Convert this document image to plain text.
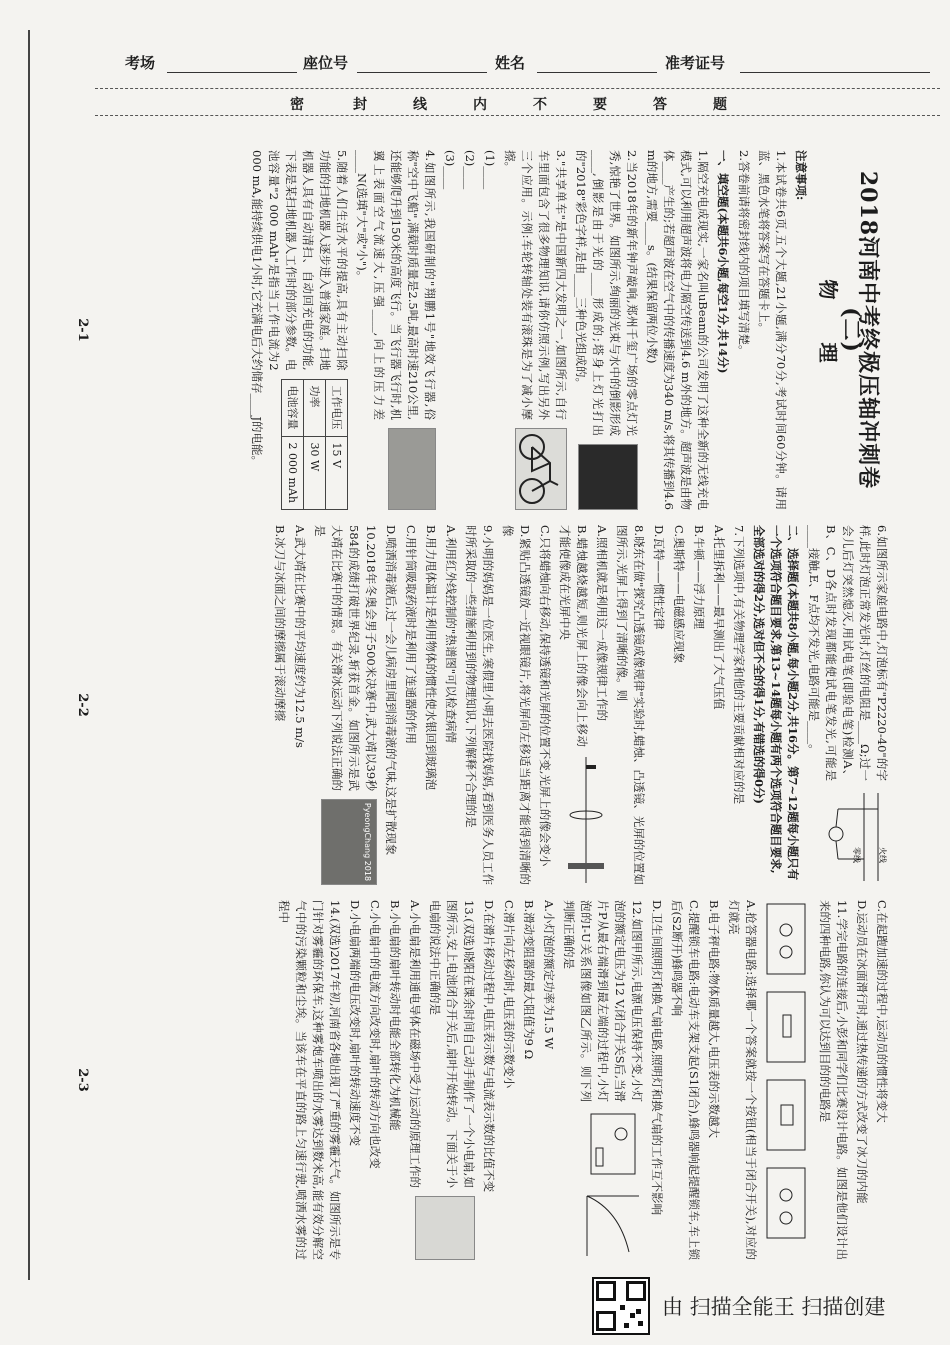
考场	座位号	姓名	准考证号
密	封	线	内	不	要	答	题
2018河南中考终极压轴冲刺卷(二)
物 理
注意事项:
1.本试卷共6页,五个大题,21小题,满分70分,考试时间60分钟。请用蓝、黑色水笔将答案写在答题卡上。
2.答卷前请将密封线内的项目填写清楚。
一、填空题(本题共6小题,每空1分,共14分)
1.隔空充电成现实,一家名叫uBeam的公司发明了这种全新的无线充电模式,可以利用超声波将电力隔空传送到4.6 m外的地方。超声波是由物体____产生的;若超声波在空气中的传播速度为340 m/s,将其传播到4.6 m的地方,需要____s。(结果保留两位小数)
2.当2018年的新年钟声敲响,郑州千玺广场的零点灯光秀,惊艳了世界。如图所示,绚丽的光束与水中的倒影形成____,倒影是由于光的____形成的;塔身上灯光打出的"2018"彩色字样,是由____三种色光组成的。
3."共享单车"是中国新四大发明之一,如图所示,自行车里面包含了很多物理知识,请你仿照示例,写出另外三个应用。示例:车轮转轴处装有滚珠是为了减小摩擦。
(1)____
(2)____
(3)____
4.如图所示,我国研制的"翔鹏1号"地效飞行器,俗称"空中飞船",满载时质量是2.5吨,最高时速210公里,还能够爬升到150米的高度飞行。当飞行器飞行时,机翼上表面空气流速大,压强____,向上的压力差____N(选填"大"或"小")。
工作电压	15 V
功率	30 W
电池容量	2 000 mAh
5.随着人们生活水平的提高,具有主动扫除功能的扫地机器人逐步进入普通家庭。扫地机器人具有自动清扫、自动回充电的功能,下表是某扫地机器人工作时的部分参数。电池容量"2 000 mAh"是指当工作电流为2 000 mA,能持续供电1小时,它充满电后大约储存____J的电能。
2-1
火线
零线
6.如图所示家庭电路中,灯泡标有"P2220-40"的字样,此时灯泡正常发光时,灯丝的电阻是____Ω;过一会儿后灯突然熄灭,用试电笔(即验电笔)检测A、B、C、D各点时发现都能使试电笔发光,可能是____接触,E、F点均不发光,电路可能是____。
二、选择题(本题共8小题,每小题2分,共16分。第7~12题每小题只有一个选项符合题目要求,第13~14题每小题有两个选项符合题目要求,全部选对的得2分,选对但不全的得1分,有错选的得0分)
7.下列选项中,有关物理学家和他的主要贡献相对应的是
A.托里拆利——最早测出了大气压值
B.牛顿——浮力原理
C.奥斯特——电磁感应现象
D.瓦特——惯性定律
8.晓东在做"探究凸透镜成像规律"实验时,蜡烛、凸透镜、光屏的位置如图所示,光屏上得到了清晰的像。则
A.照相机就是利用这一成像规律工作的
B.蜡烛越烧越短,则光屏上的像会向上移动才能使像成在光屏中央
C.只将蜡烛向右移动,保持透镜和光屏的位置不变,光屏上的像会变小
D.紧贴凸透镜放一近视眼镜片,将光屏向左移适当距离才能得到清晰的像
9.小明的妈妈是一位医生,寒假里小明去医院找妈妈,看到医务人员工作时所采取的一些措施利用到的物理知识,下列解释不合理的是
A.利用红外线控制的"热谱图"可以检查病情
B.用力甩体温计是利用物体的惯性使水银回到玻璃泡
C.用针筒吸取药液时是利用了连通器的作用
D.喷洒消毒液后,过一会儿病房里闻到消毒液的气味,这是扩散现象
PyeongChang 2018
10.2018年冬奥会男子500米决赛中,武大靖以39秒584的成绩打破世界纪录,斩获首金。如图所示是武大靖在比赛中的情景。有关滑冰运动下列说法正确的是
A.武大靖在比赛中的平均速度约为12.5 m/s
B.冰刀与冰面之间的摩擦属于滚动摩擦
2-2
C.在起跑加速的过程中,运动员的惯性将变大
D.运动员在冰面滑行时,通过热传递的方式改变了冰刀的内能
11.学完电路的连接后,小彭和同学们比赛设计电路。如图是他们设计出来的四种电路,你认为可以达到目的的电路是
A.抢答器电路:选择哪一个答案就按一个按钮(相当于闭合开关),对应的灯就亮
B.电子秤电路:物体质量越大,电压表的示数越大
C.提醒锁车电路:电动车支架支起(S1闭合),蜂鸣器响起提醒锁车,车上锁后(S2断开)蜂鸣器不响
D.卫生间照明灯和换气扇电路,照明灯和换气扇的工作互不影响
12.如图甲所示,电源电压保持不变,小灯泡的额定电压为12 V,闭合开关S后,当滑片P从最右端滑到最左端的过程中,小灯泡的I-U关系图像如图乙所示。则下列判断正确的是
A.小灯泡的额定功率为1.5 W
B.滑动变阻器的最大阻值为9 Ω
C.滑片向左移动时,电压表的示数变小
D.在滑片移动过程中,电压表示数与电流表示数的比值不变
13.(双选)晓阳在课余时间自己动手制作了一个小电扇,如图所示,安上电池闭合开关后,扇叶开始转动。下面关于小电扇的说法中正确的是
A.小电扇是利用通电导体在磁场中受力运动的原理工作的
B.小电扇的扇叶转动时电能全部转化为机械能
C.小电扇中的电流方向改变时,扇叶的转动方向也改变
D.小电扇两端的电压改变时,扇叶的转动速度不变
14.(双选)2017年初,河南省各地出现了严重的雾霾天气。如图所示是专门针对雾霾的环保车,这种雾炮车喷出的水雾达到数米高,能有效分解空气中的污染颗粒和尘埃。当该车在平直的路上匀速行驶,喷洒水雾的过程中
2-3
由 扫描全能王 扫描创建
